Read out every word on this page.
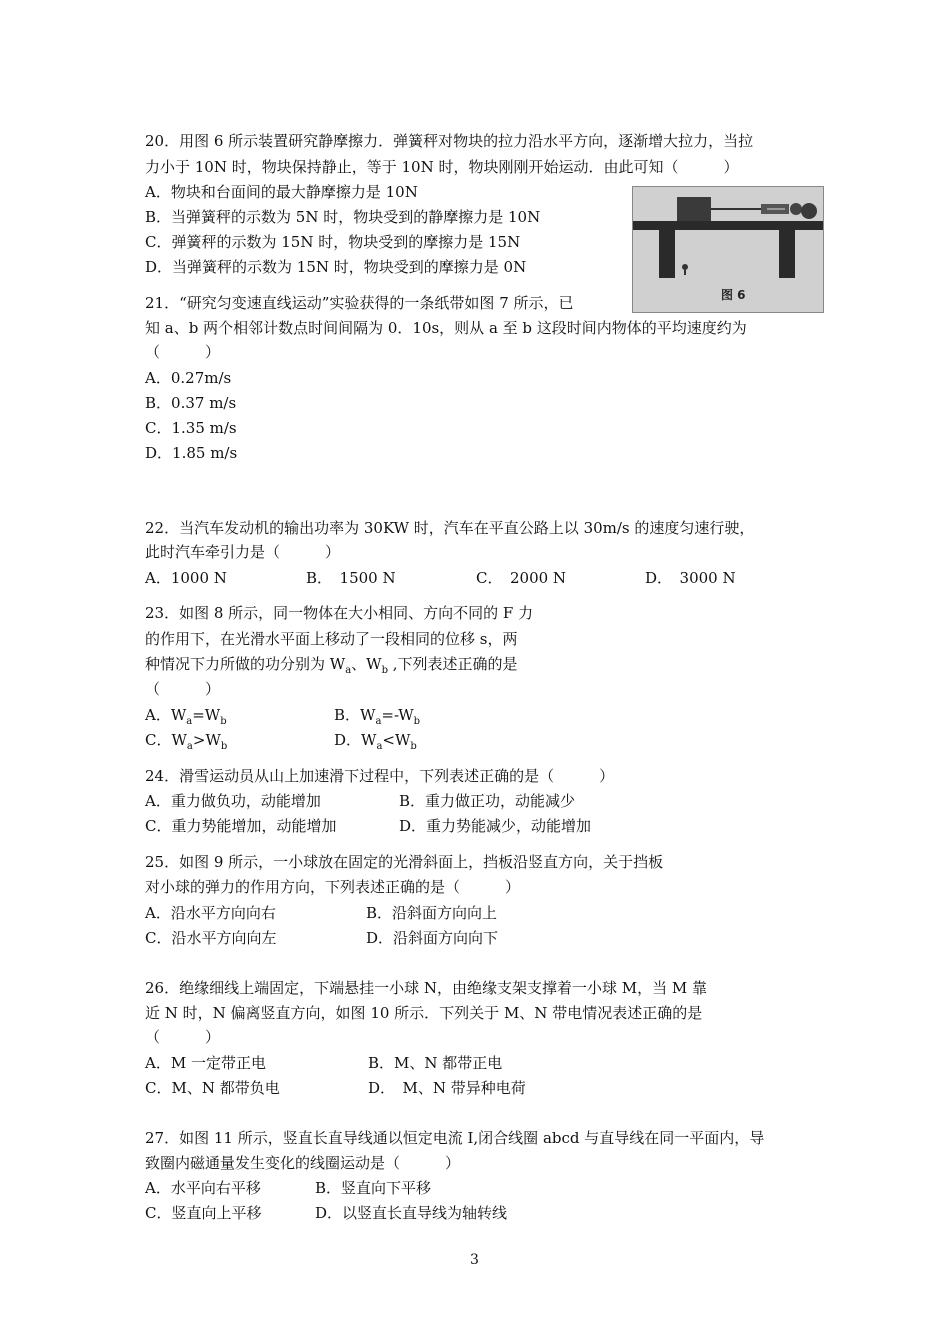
20．用图 6 所示装置研究静摩擦力．弹簧秤对物块的拉力沿水平方向，逐渐增大拉力，当拉
力小于 10N 时，物块保持静止，等于 10N 时，物块刚刚开始运动．由此可知（　　　）
A．物块和台面间的最大静摩擦力是 10N
B．当弹簧秤的示数为 5N 时，物块受到的静摩擦力是 10N
C．弹簧秤的示数为 15N 时，物块受到的摩擦力是 15N
D．当弹簧秤的示数为 15N 时，物块受到的摩擦力是 0N
图 6
21．“研究匀变速直线运动”实验获得的一条纸带如图 7 所示，已
知 a、b 两个相邻计数点时间间隔为 0．10s，则从 a 至 b 这段时间内物体的平均速度约为
（　　　）
A．0.27m/s
B．0.37 m/s
C．1.35 m/s
D．1.85 m/s
22．当汽车发动机的输出功率为 30KW 时，汽车在平直公路上以 30m/s 的速度匀速行驶，
此时汽车牵引力是（　　　）
A．1000 N	B．　1500 N	C．　2000 N	D．　3000 N
23．如图 8 所示，同一物体在大小相同、方向不同的 F 力
的作用下，在光滑水平面上移动了一段相同的位移 s，两
种情况下力所做的功分别为 $W_a$、$W_b$ ,下列表述正确的是
（　　　）
A．$W_a=W_b$	B．$W_a=-W_b$
C．$W_a>W_b$	D．$W_a<W_b$
24．滑雪运动员从山上加速滑下过程中，下列表述正确的是（　　　）
A．重力做负功，动能增加	B．重力做正功，动能减少
C．重力势能增加，动能增加	D．重力势能减少，动能增加
25．如图 9 所示，一小球放在固定的光滑斜面上，挡板沿竖直方向，关于挡板
对小球的弹力的作用方向，下列表述正确的是（　　　）
A．沿水平方向向右	B．沿斜面方向向上
C．沿水平方向向左	D．沿斜面方向向下
26．绝缘细线上端固定，下端悬挂一小球 N，由绝缘支架支撑着一小球 M，当 M 靠
近 N 时，N 偏离竖直方向，如图 10 所示．下列关于 M、N 带电情况表述正确的是
（　　　）
A．M 一定带正电	B．M、N 都带正电
C．M、N 都带负电	D．　M、N 带异种电荷
27．如图 11 所示，竖直长直导线通以恒定电流 I,闭合线圈 abcd 与直导线在同一平面内，导
致圈内磁通量发生变化的线圈运动是（　　　）
A．水平向右平移	B．竖直向下平移
C．竖直向上平移	D．以竖直长直导线为轴转线
3
